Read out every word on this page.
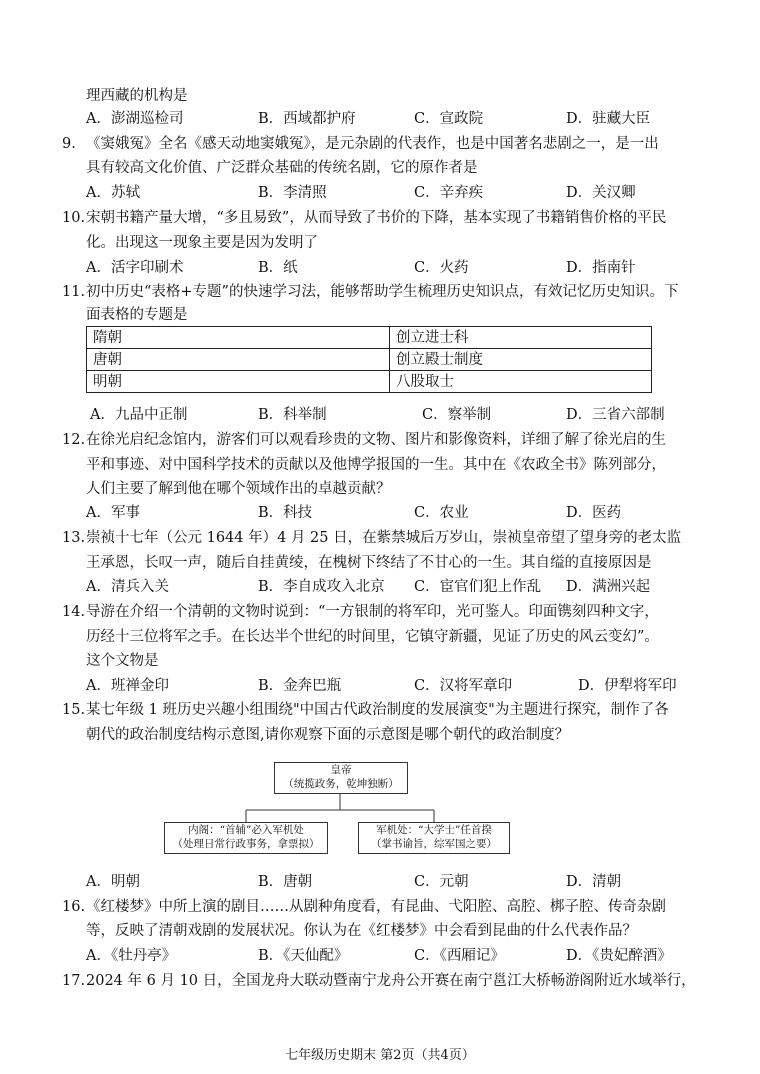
理西藏的机构是
A．澎湖巡检司	B．西域都护府	C．宣政院	D．驻藏大臣
9. 《窦娥冤》全名《感天动地窦娥冤》，是元杂剧的代表作，也是中国著名悲剧之一，是一出
具有较高文化价值、广泛群众基础的传统名剧，它的原作者是
A．苏轼	B．李清照	C．辛弃疾	D．关汉卿
10. 宋朝书籍产量大增，“多且易致”，从而导致了书价的下降，基本实现了书籍销售价格的平民
化。出现这一现象主要是因为发明了
A．活字印刷术	B．纸	C．火药	D．指南针
11. 初中历史“表格+专题”的快速学习法，能够帮助学生梳理历史知识点，有效记忆历史知识。下
面表格的专题是
隋朝	创立进士科
唐朝	创立殿士制度
明朝	八股取士
A．九品中正制	B．科举制	C．察举制	D．三省六部制
12. 在徐光启纪念馆内，游客们可以观看珍贵的文物、图片和影像资料，详细了解了徐光启的生
平和事迹、对中国科学技术的贡献以及他博学报国的一生。其中在《农政全书》陈列部分，
人们主要了解到他在哪个领域作出的卓越贡献？
A．军事	B．科技	C．农业	D．医药
13. 崇祯十七年（公元 1644 年）4 月 25 日，在紫禁城后万岁山，崇祯皇帝望了望身旁的老太监
王承恩，长叹一声，随后自挂黄绫，在槐树下终结了不甘心的一生。其自缢的直接原因是
A．清兵入关	B．李自成攻入北京 C．宦官们犯上作乱 D．满洲兴起
14. 导游在介绍一个清朝的文物时说到：“一方银制的将军印，光可鉴人。印面镌刻四种文字，
历经十三位将军之手。在长达半个世纪的时间里，它镇守新疆，见证了历史的风云变幻”。
这个文物是
A．班禅金印	B．金奔巴瓶	C．汉将军章印	D．伊犁将军印
15. 某七年级 1 班历史兴趣小组围绕"中国古代政治制度的发展演变"为主题进行探究，制作了各
朝代的政治制度结构示意图,请你观察下面的示意图是哪个朝代的政治制度？
皇帝
（统揽政务，乾坤独断）
内阁：“首辅”必入军机处
（处理日常行政事务，拿票拟）
军机处：“大学士”任首揆
（掌书谕旨，综军国之要）
A．明朝	B．唐朝	C．元朝	D．清朝
16. 《红楼梦》中所上演的剧目……从剧种角度看，有昆曲、弋阳腔、高腔、梆子腔、传奇杂剧
等，反映了清朝戏剧的发展状况。你认为在《红楼梦》中会看到昆曲的什么代表作品？
A．《牡丹亭》	B．《天仙配》	C．《西厢记》	D．《贵妃醉酒》
17. 2024 年 6 月 10 日，全国龙舟大联动暨南宁龙舟公开赛在南宁邕江大桥畅游阁附近水域举行，
七年级历史期末 第2页（共4页）
